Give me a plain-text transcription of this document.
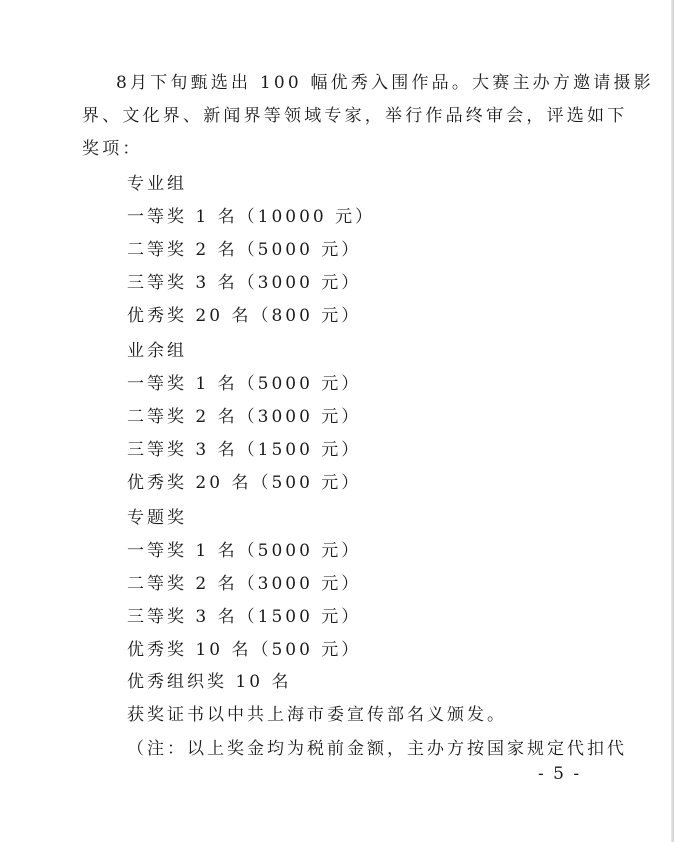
8月下旬甄选出 100 幅优秀入围作品。大赛主办方邀请摄影
界、文化界、新闻界等领域专家，举行作品终审会，评选如下
奖项：
专业组
一等奖 1 名（10000 元）
二等奖 2 名（5000 元）
三等奖 3 名（3000 元）
优秀奖 20 名（800 元）
业余组
一等奖 1 名（5000 元）
二等奖 2 名（3000 元）
三等奖 3 名（1500 元）
优秀奖 20 名（500 元）
专题奖
一等奖 1 名（5000 元）
二等奖 2 名（3000 元）
三等奖 3 名（1500 元）
优秀奖 10 名（500 元）
优秀组织奖 10 名
获奖证书以中共上海市委宣传部名义颁发。
（注：以上奖金均为税前金额，主办方按国家规定代扣代
- 5 -
